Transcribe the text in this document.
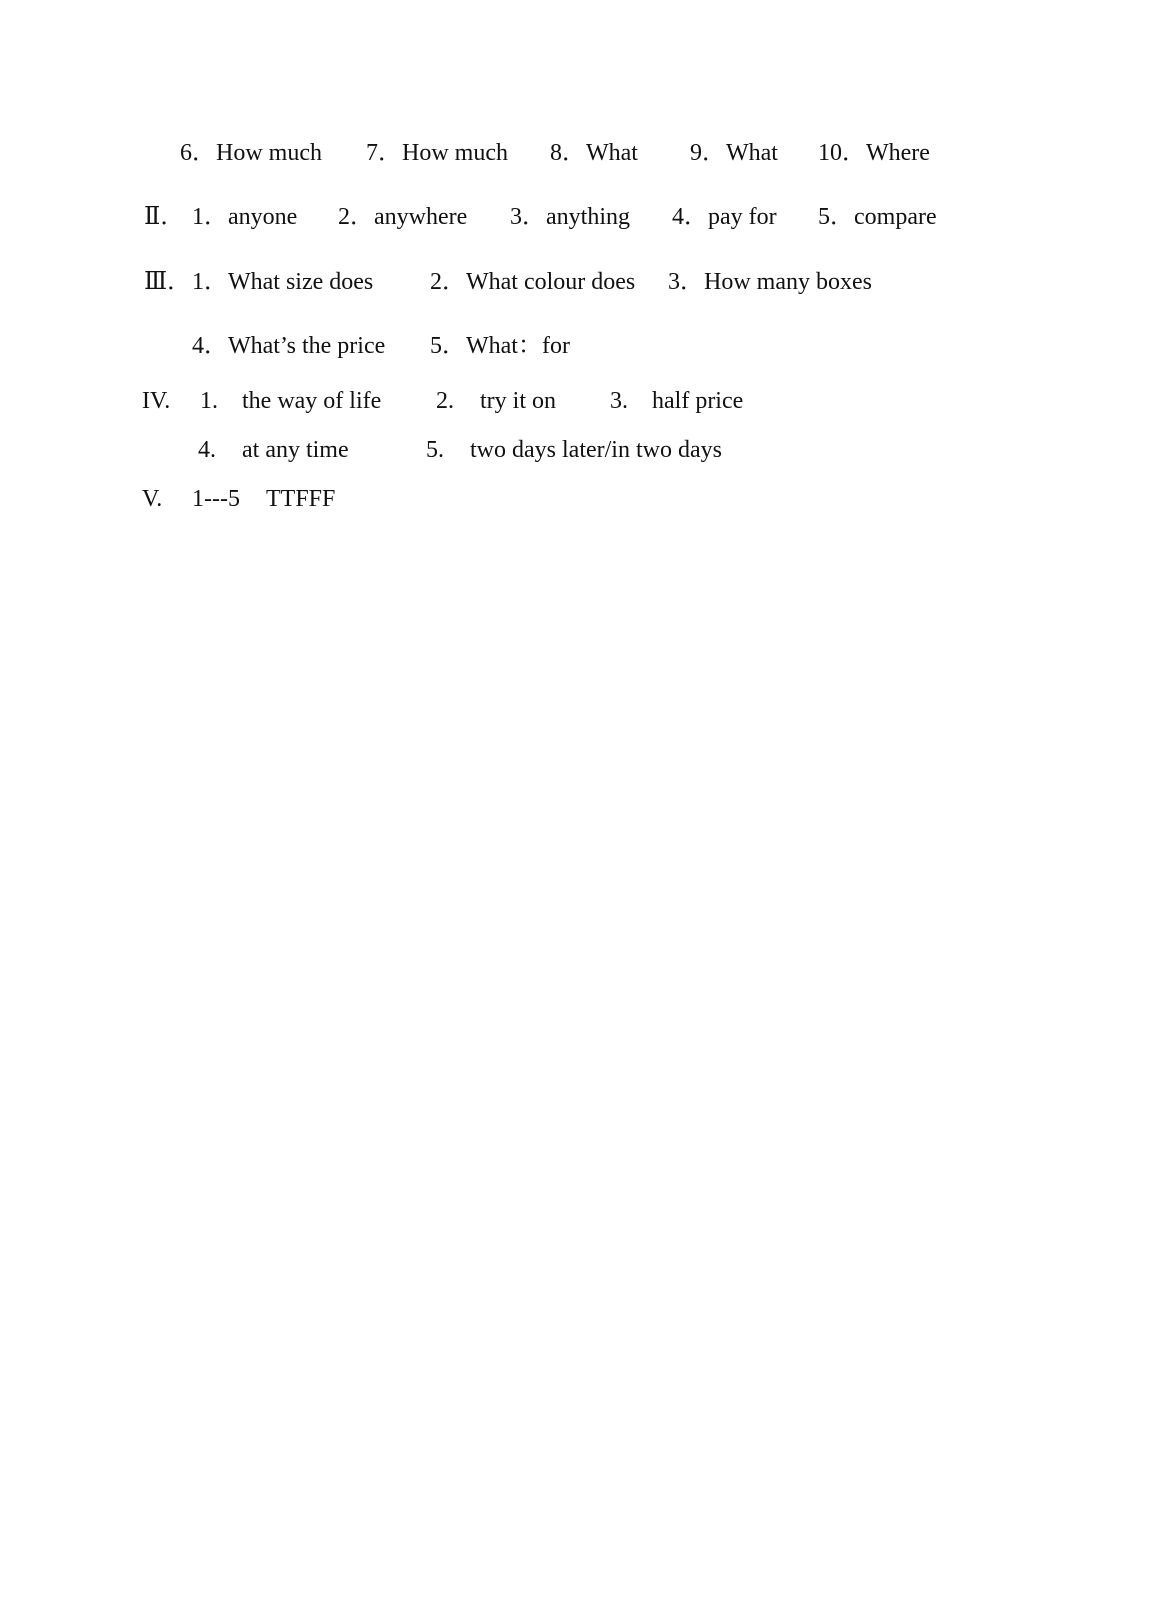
6．How much

7．How much

8．What

9．What

10．Where

Ⅱ．

1．anyone

2．anywhere

3．anything

4．pay for

5．compare

Ⅲ．

1．What size does

2．What colour does

3．How many boxes

4．What’s the price

5．What：for

IV.

1.

the way of life

2.

try it on

3.

half price

4.

at any time

	5.

two days later/in two days

V.

1---5

TTFFF
